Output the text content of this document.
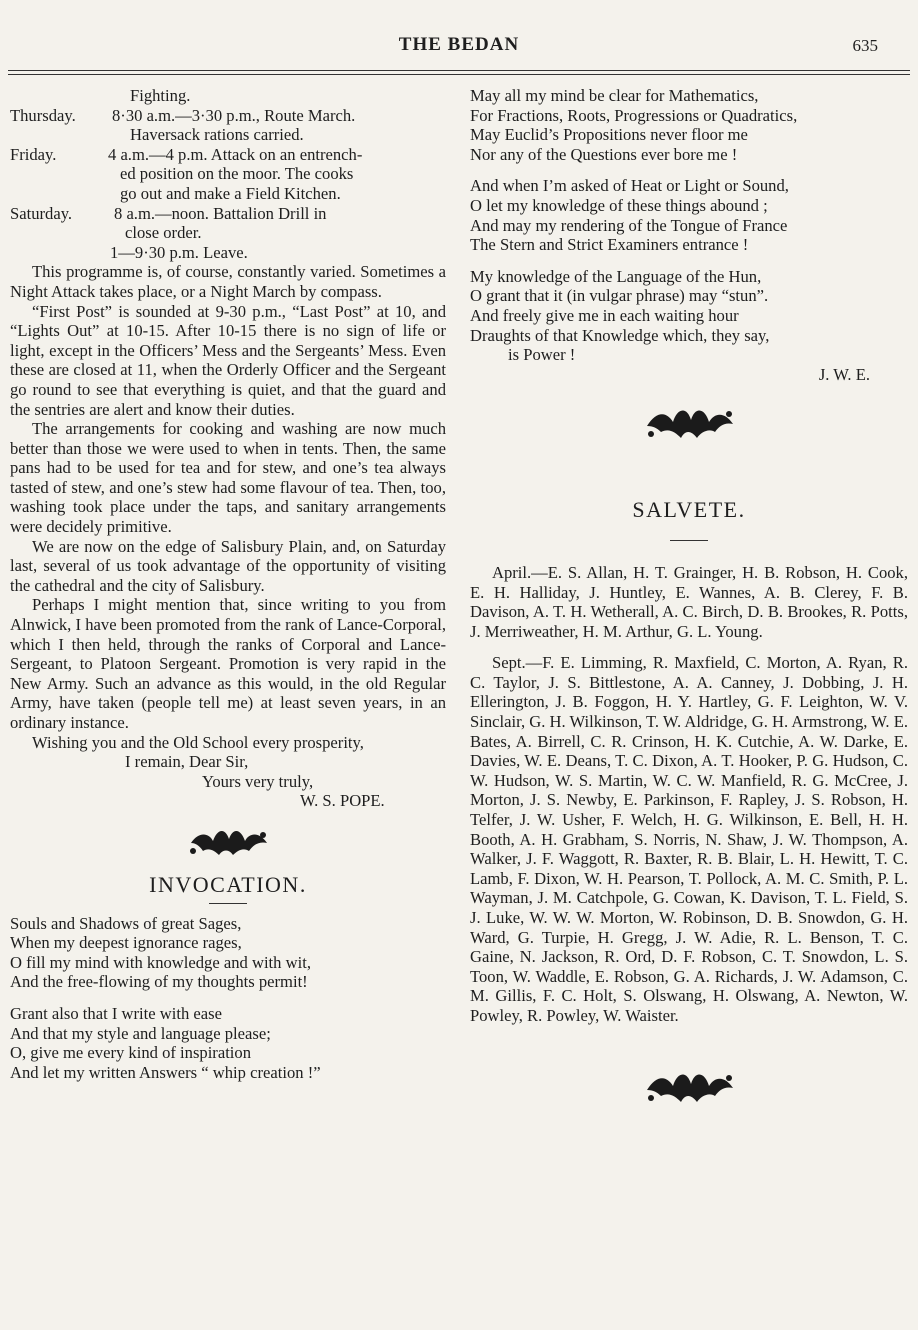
THE BEDAN	635
Fighting.
Thursday. 8·30 a.m.—3·30 p.m., Route March.
Haversack rations carried.
Friday.	4 a.m.—4 p.m. Attack on an entrench-
ed position on the moor. The cooks
go out and make a Field Kitchen.
Saturday.	8 a.m.—noon. Battalion Drill in
close order.
1—9·30 p.m. Leave.
This programme is, of course, constantly varied. Sometimes a Night Attack takes place, or a Night March by compass.
“First Post” is sounded at 9-30 p.m., “Last Post” at 10, and “Lights Out” at 10-15. After 10-15 there is no sign of life or light, except in the Officers’ Mess and the Sergeants’ Mess. Even these are closed at 11, when the Orderly Officer and the Sergeant go round to see that everything is quiet, and that the guard and the sentries are alert and know their duties.
The arrangements for cooking and washing are now much better than those we were used to when in tents. Then, the same pans had to be used for tea and for stew, and one’s tea always tasted of stew, and one’s stew had some flavour of tea. Then, too, washing took place under the taps, and sanitary arrangements were decidely primitive.
We are now on the edge of Salisbury Plain, and, on Saturday last, several of us took advantage of the opportunity of visiting the cathedral and the city of Salisbury.
Perhaps I might mention that, since writing to you from Alnwick, I have been promoted from the rank of Lance-Corporal, which I then held, through the ranks of Corporal and Lance-Sergeant, to Platoon Sergeant. Promotion is very rapid in the New Army. Such an advance as this would, in the old Regular Army, have taken (people tell me) at least seven years, in an ordinary instance.
Wishing you and the Old School every prosperity,
I remain, Dear Sir,
Yours very truly,
W. S. POPE.
INVOCATION.
Souls and Shadows of great Sages,
When my deepest ignorance rages,
O fill my mind with knowledge and with wit,
And the free-flowing of my thoughts permit!
Grant also that I write with ease
And that my style and language please;
O, give me every kind of inspiration
And let my written Answers “ whip creation !”
May all my mind be clear for Mathematics,
For Fractions, Roots, Progressions or Quadratics,
May Euclid’s Propositions never floor me
Nor any of the Questions ever bore me !
And when I’m asked of Heat or Light or Sound,
O let my knowledge of these things abound ;
And may my rendering of the Tongue of France
The Stern and Strict Examiners entrance !
My knowledge of the Language of the Hun,
O grant that it (in vulgar phrase) may “stun”.
And freely give me in each waiting hour
Draughts of that Knowledge which, they say,
is Power !
J. W. E.
SALVETE.

April.—E. S. Allan, H. T. Grainger, H. B. Robson, H. Cook, E. H. Halliday, J. Huntley, E. Wannes, A. B. Clerey, F. B. Davison, A. T. H. Wetherall, A. C. Birch, D. B. Brookes, R. Potts, J. Merriweather, H. M. Arthur, G. L. Young.

Sept.—F. E. Limming, R. Maxfield, C. Morton, A. Ryan, R. C. Taylor, J. S. Bittlestone, A. A. Canney, J. Dobbing, J. H. Ellerington, J. B. Foggon, H. Y. Hartley, G. F. Leighton, W. V. Sinclair, G. H. Wilkinson, T. W. Aldridge, G. H. Armstrong, W. E. Bates, A. Birrell, C. R. Crinson, H. K. Cutchie, A. W. Darke, E. Davies, W. E. Deans, T. C. Dixon, A. T. Hooker, P. G. Hudson, C. W. Hudson, W. S. Martin, W. C. W. Manfield, R. G. McCree, J. Morton, J. S. Newby, E. Parkinson, F. Rapley, J. S. Robson, H. Telfer, J. W. Usher, F. Welch, H. G. Wilkinson, E. Bell, H. H. Booth, A. H. Grabham, S. Norris, N. Shaw, J. W. Thompson, A. Walker, J. F. Waggott, R. Baxter, R. B. Blair, L. H. Hewitt, T. C. Lamb, F. Dixon, W. H. Pearson, T. Pollock, A. M. C. Smith, P. L. Wayman, J. M. Catchpole, G. Cowan, K. Davison, T. L. Field, S. J. Luke, W. W. W. Morton, W. Robinson, D. B. Snowdon, G. H. Ward, G. Turpie, H. Gregg, J. W. Adie, R. L. Benson, T. C. Gaine, N. Jackson, R. Ord, D. F. Robson, C. T. Snowdon, L. S. Toon, W. Waddle, E. Robson, G. A. Richards, J. W. Adamson, C. M. Gillis, F. C. Holt, S. Olswang, H. Olswang, A. Newton, W. Powley, R. Powley, W. Waister.
